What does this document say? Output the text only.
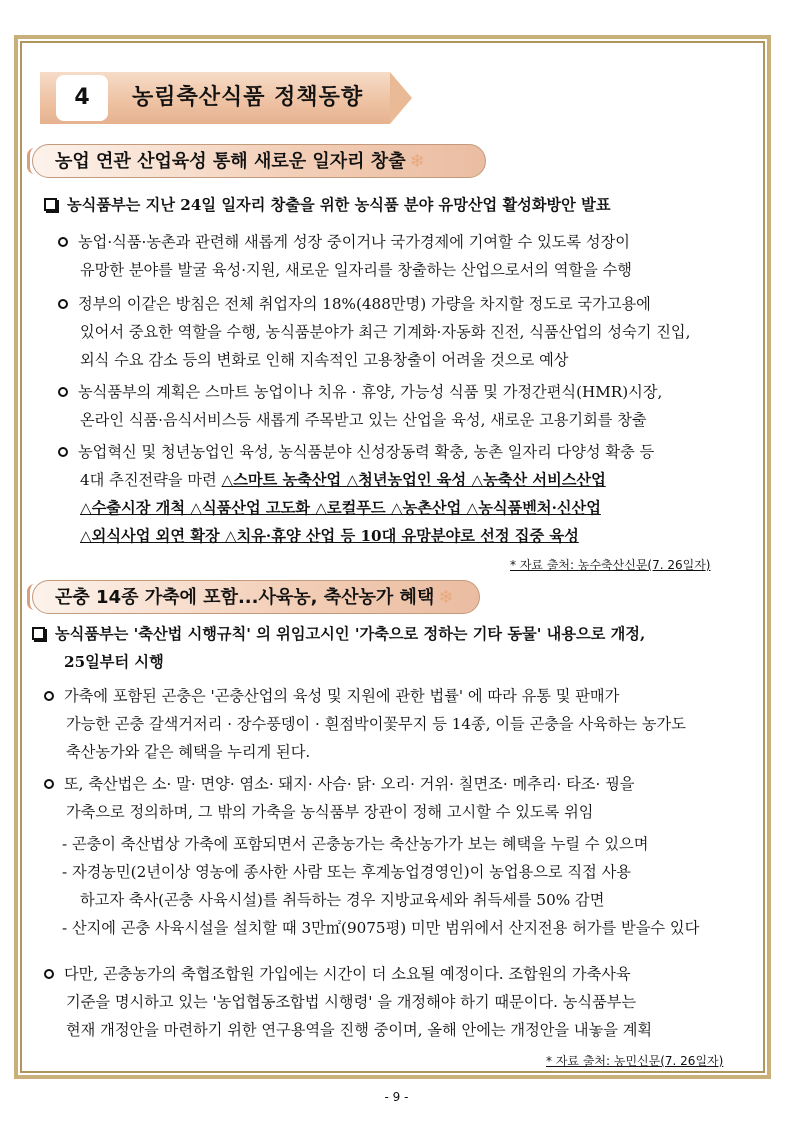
4	농림축산식품 정책동향
농업 연관 산업육성 통해 새로운 일자리 창출 ❄
농식품부는 지난 24일 일자리 창출을 위한 농식품 분야 유망산업 활성화방안 발표
농업·식품·농촌과 관련해 새롭게 성장 중이거나 국가경제에 기여할 수 있도록 성장이
유망한 분야를 발굴 육성·지원, 새로운 일자리를 창출하는 산업으로서의 역할을 수행
정부의 이같은 방침은 전체 취업자의 18%(488만명) 가량을 차지할 정도로 국가고용에
있어서 중요한 역할을 수행, 농식품분야가 최근 기계화·자동화 진전, 식품산업의 성숙기 진입,
외식 수요 감소 등의 변화로 인해 지속적인 고용창출이 어려울 것으로 예상
농식품부의 계획은 스마트 농업이나 치유 · 휴양, 가능성 식품 및 가정간편식(HMR)시장,
온라인 식품·음식서비스등 새롭게 주목받고 있는 산업을 육성, 새로운 고용기회를 창출
농업혁신 및 청년농업인 육성, 농식품분야 신성장동력 확충, 농촌 일자리 다양성 확충 등
4대 추진전략을 마련 △스마트 농축산업 △청년농업인 육성 △농축산 서비스산업
△수출시장 개척 △식품산업 고도화 △로컬푸드 △농촌산업 △농식품벤처·신산업
△외식사업 외연 확장 △치유·휴양 산업 등 10대 유망분야로 선정 집중 육성
* 자료 출처: 농수축산신문(7. 26일자)
곤충 14종 가축에 포함...사육농, 축산농가 혜택 ❄
농식품부는 '축산법 시행규칙' 의 위임고시인 '가축으로 정하는 기타 동물' 내용으로 개정,
25일부터 시행
가축에 포함된 곤충은 '곤충산업의 육성 및 지원에 관한 법률' 에 따라 유통 및 판매가
가능한 곤충 갈색거저리 · 장수풍뎅이 · 흰점박이꽃무지 등 14종, 이들 곤충을 사육하는 농가도
축산농가와 같은 혜택을 누리게 된다.
또, 축산법은 소· 말· 면양· 염소· 돼지· 사슴· 닭· 오리· 거위· 칠면조· 메추리· 타조· 꿩을
가축으로 정의하며, 그 밖의 가축을 농식품부 장관이 정해 고시할 수 있도록 위임
- 곤충이 축산법상 가축에 포함되면서 곤충농가는 축산농가가 보는 혜택을 누릴 수 있으며
- 자경농민(2년이상 영농에 종사한 사람 또는 후계농업경영인)이 농업용으로 직접 사용
하고자 축사(곤충 사육시설)를 취득하는 경우 지방교육세와 취득세를 50% 감면
- 산지에 곤충 사육시설을 설치할 때 3만㎡(9075평) 미만 범위에서 산지전용 허가를 받을수 있다
다만, 곤충농가의 축협조합원 가입에는 시간이 더 소요될 예정이다. 조합원의 가축사육
기준을 명시하고 있는 '농업협동조합법 시행령' 을 개정해야 하기 때문이다. 농식품부는
현재 개정안을 마련하기 위한 연구용역을 진행 중이며, 올해 안에는 개정안을 내놓을 계획
* 자료 출처: 농민신문(7. 26일자)
- 9 -
